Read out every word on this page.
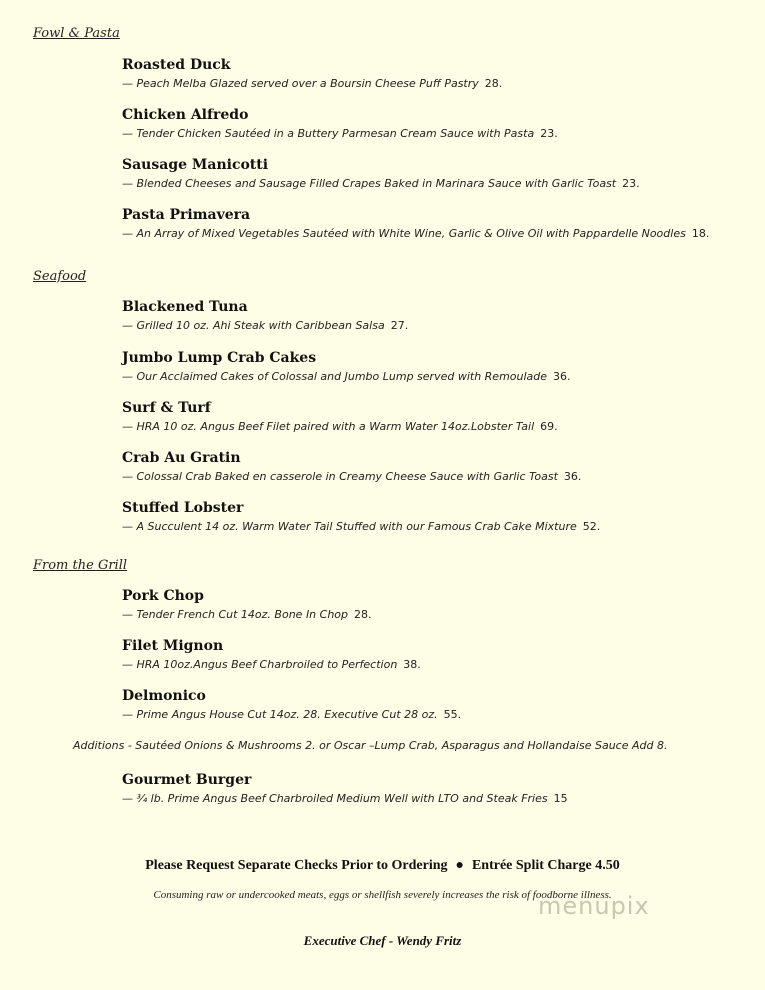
Fowl & Pasta
Roasted Duck
— Peach Melba Glazed served over a Boursin Cheese Puff Pastry 28.
Chicken Alfredo
— Tender Chicken Sautéed in a Buttery Parmesan Cream Sauce with Pasta 23.
Sausage Manicotti
— Blended Cheeses and Sausage Filled Crapes Baked in Marinara Sauce with Garlic Toast 23.
Pasta Primavera
— An Array of Mixed Vegetables Sautéed with White Wine, Garlic & Olive Oil with Pappardelle Noodles 18.
Seafood
Blackened Tuna
— Grilled 10 oz. Ahi Steak with Caribbean Salsa 27.
Jumbo Lump Crab Cakes
— Our Acclaimed Cakes of Colossal and Jumbo Lump served with Remoulade 36.
Surf & Turf
— HRA 10 oz. Angus Beef Filet paired with a Warm Water 14oz.Lobster Tail 69.
Crab Au Gratin
— Colossal Crab Baked en casserole in Creamy Cheese Sauce with Garlic Toast 36.
Stuffed Lobster
— A Succulent 14 oz. Warm Water Tail Stuffed with our Famous Crab Cake Mixture 52.
From the Grill
Pork Chop
— Tender French Cut 14oz. Bone In Chop 28.
Filet Mignon
— HRA 10oz.Angus Beef Charbroiled to Perfection 38.
Delmonico
— Prime Angus House Cut 14oz. 28. Executive Cut 28 oz. 55.
Additions - Sautéed Onions & Mushrooms 2. or Oscar –Lump Crab, Asparagus and Hollandaise Sauce Add 8.
Gourmet Burger
— ¾ lb. Prime Angus Beef Charbroiled Medium Well with LTO and Steak Fries 15
Please Request Separate Checks Prior to Ordering ● Entrée Split Charge 4.50
Consuming raw or undercooked meats, eggs or shellfish severely increases the risk of foodborne illness.
menupix
Executive Chef - Wendy Fritz
